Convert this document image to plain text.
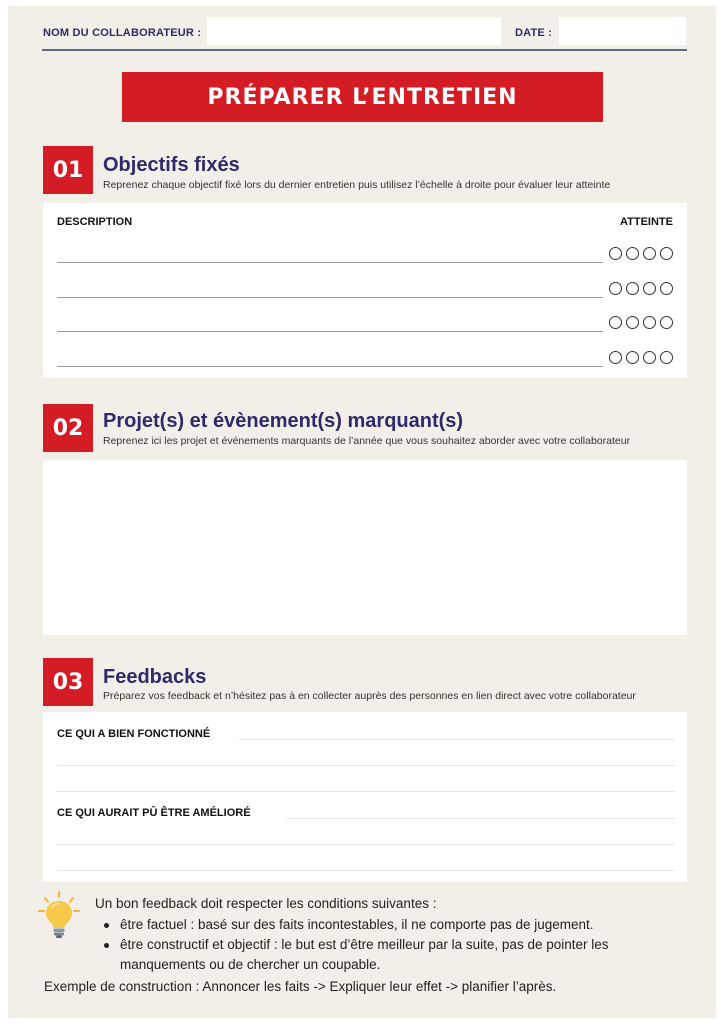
NOM DU COLLABORATEUR :	DATE :
PRÉPARER L’ENTRETIEN
01 Objectifs fixés
Reprenez chaque objectif fixé lors du dernier entretien puis utilisez l’échelle à droite pour évaluer leur atteinte
DESCRIPTION	ATTEINTE
02 Projet(s) et évènement(s) marquant(s)
Reprenez ici les projet et événements marquants de l’année que vous souhaitez aborder avec votre collaborateur
03 Feedbacks
Préparez vos feedback et n’hésitez pas à en collecter auprès des personnes en lien direct avec votre collaborateur
CE QUI A BIEN FONCTIONNÉ
CE QUI AURAIT PÛ ÊTRE AMÉLIORÉ
Un bon feedback doit respecter les conditions suivantes :
être factuel : basé sur des faits incontestables, il ne comporte pas de jugement.
être constructif et objectif : le but est d’être meilleur par la suite, pas de pointer les manquements ou de chercher un coupable.
Exemple de construction : Annoncer les faits -> Expliquer leur effet -> planifier l’après.
